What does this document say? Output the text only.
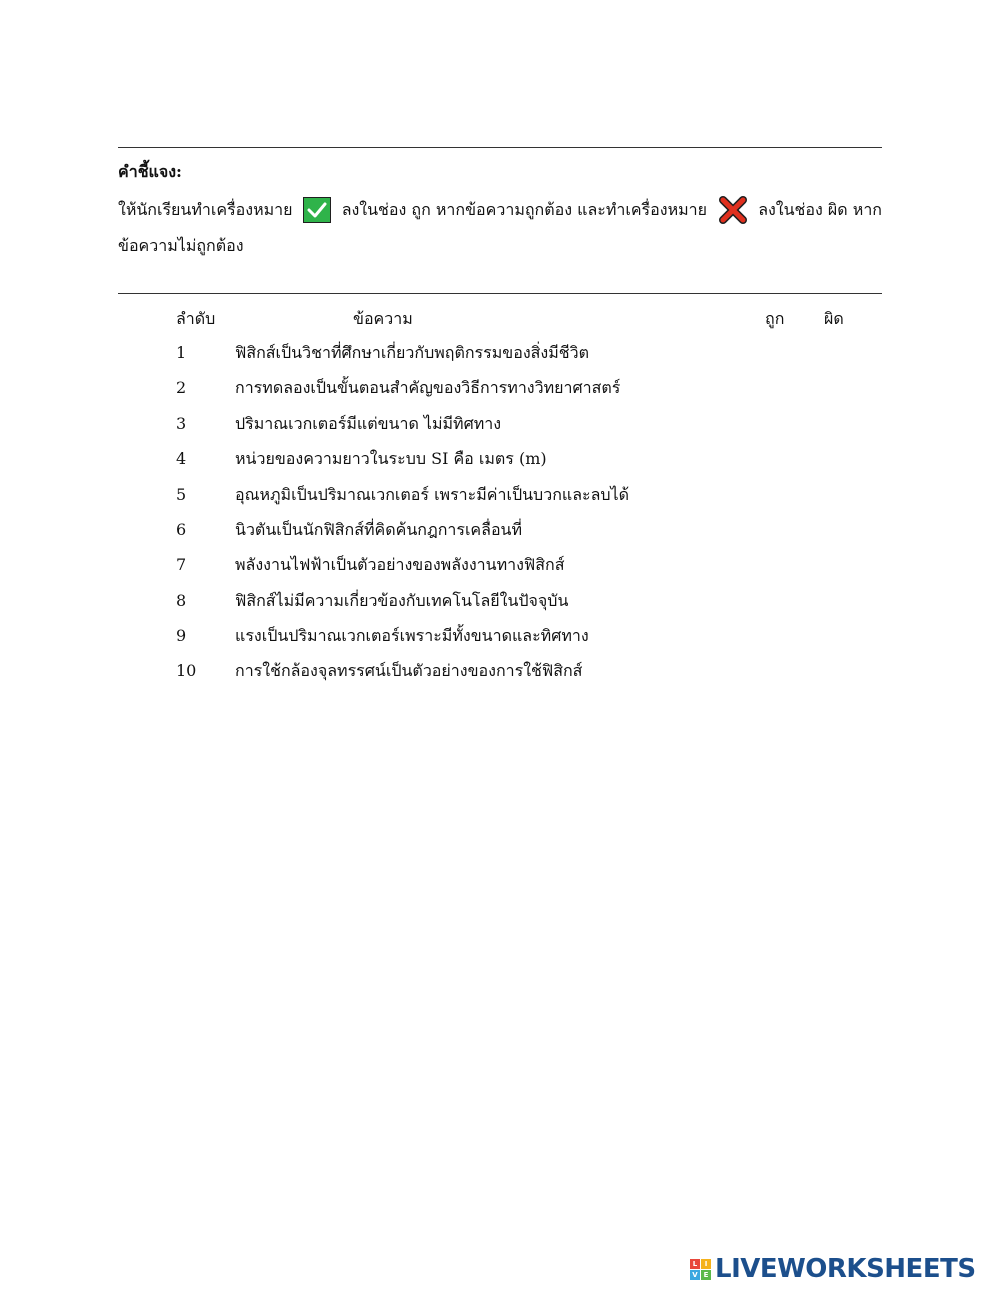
คำชี้แจง:
ให้นักเรียนทำเครื่องหมาย	ลงในช่อง ถูก หากข้อความถูกต้อง และทำเครื่องหมาย	ลงในช่อง ผิด หาก
ข้อความไม่ถูกต้อง
ลำดับ	ข้อความ	ถูก ผิด
1	ฟิสิกส์เป็นวิชาที่ศึกษาเกี่ยวกับพฤติกรรมของสิ่งมีชีวิต
2	การทดลองเป็นขั้นตอนสำคัญของวิธีการทางวิทยาศาสตร์
3	ปริมาณเวกเตอร์มีแต่ขนาด ไม่มีทิศทาง
4	หน่วยของความยาวในระบบ SI คือ เมตร (m)
5	อุณหภูมิเป็นปริมาณเวกเตอร์ เพราะมีค่าเป็นบวกและลบได้
6	นิวตันเป็นนักฟิสิกส์ที่คิดค้นกฎการเคลื่อนที่
7	พลังงานไฟฟ้าเป็นตัวอย่างของพลังงานทางฟิสิกส์
8	ฟิสิกส์ไม่มีความเกี่ยวข้องกับเทคโนโลยีในปัจจุบัน
9	แรงเป็นปริมาณเวกเตอร์เพราะมีทั้งขนาดและทิศทาง
10 การใช้กล้องจุลทรรศน์เป็นตัวอย่างของการใช้ฟิสิกส์
L	I
V E LIVEWORKSHEETS
